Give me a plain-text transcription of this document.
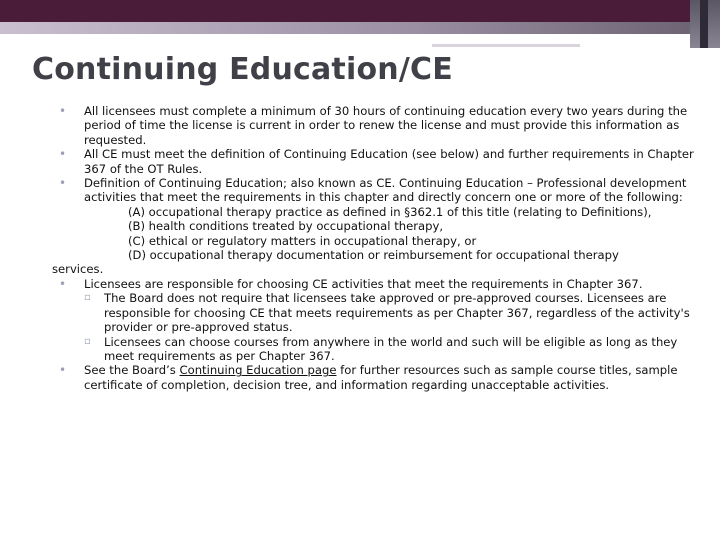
Continuing Education/CE
• All licensees must complete a minimum of 30 hours of continuing education every two years during the period of time the license is current in order to renew the license and must provide this information as requested.
• All CE must meet the definition of Continuing Education (see below) and further requirements in Chapter 367 of the OT Rules.
• Definition of Continuing Education; also known as CE. Continuing Education – Professional development activities that meet the requirements in this chapter and directly concern one or more of the following:
(A) occupational therapy practice as defined in §362.1 of this title (relating to Definitions),
(B) health conditions treated by occupational therapy,
(C) ethical or regulatory matters in occupational therapy, or
(D) occupational therapy documentation or reimbursement for occupational therapy
services.
• Licensees are responsible for choosing CE activities that meet the requirements in Chapter 367.
▫ The Board does not require that licensees take approved or pre-approved courses. Licensees are responsible for choosing CE that meets requirements as per Chapter 367, regardless of the activity's provider or pre-approved status.
▫ Licensees can choose courses from anywhere in the world and such will be eligible as long as they meet requirements as per Chapter 367.
• See the Board’s Continuing Education page for further resources such as sample course titles, sample certificate of completion, decision tree, and information regarding unacceptable activities.
